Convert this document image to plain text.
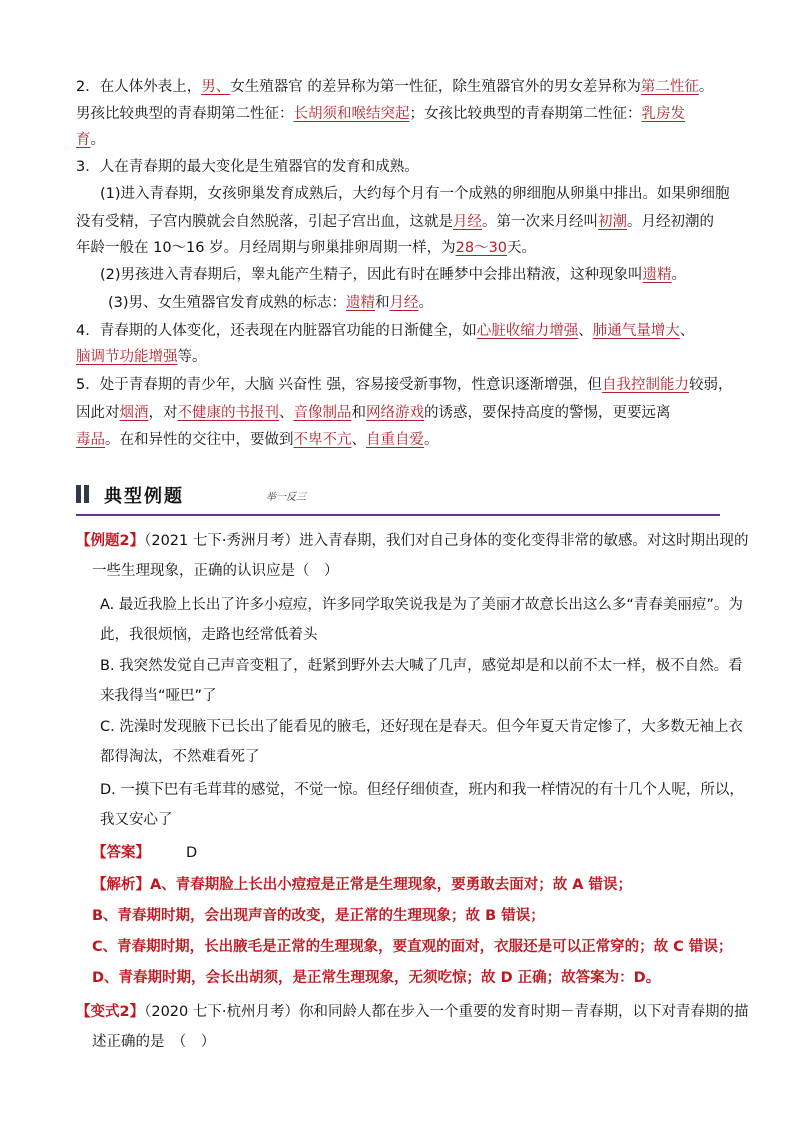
2．在人体外表上，男、女生殖器官 的差异称为第一性征，除生殖器官外的男女差异称为第二性征。
男孩比较典型的青春期第二性征：长胡须和喉结突起；女孩比较典型的青春期第二性征：乳房发
育。
3．人在青春期的最大变化是生殖器官的发育和成熟。
(1)进入青春期，女孩卵巢发育成熟后，大约每个月有一个成熟的卵细胞从卵巢中排出。如果卵细胞
没有受精，子宫内膜就会自然脱落，引起子宫出血，这就是月经。第一次来月经叫初潮。月经初潮的
年龄一般在 10～16 岁。月经周期与卵巢排卵周期一样，为28～30天。
(2)男孩进入青春期后，睾丸能产生精子，因此有时在睡梦中会排出精液，这种现象叫遗精。
(3)男、女生殖器官发育成熟的标志：遗精和月经。
4．青春期的人体变化，还表现在内脏器官功能的日渐健全，如心脏收缩力增强、肺通气量增大、
脑调节功能增强等。
5．处于青春期的青少年，大脑 兴奋性 强，容易接受新事物，性意识逐渐增强，但自我控制能力较弱，
因此对烟酒，对不健康的书报刊、音像制品和网络游戏的诱惑，要保持高度的警惕，更要远离
毒品。在和异性的交往中，要做到不卑不亢、自重自爱。
典型例题	举一反三
【例题2】（2021 七下·秀洲月考）进入青春期，我们对自己身体的变化变得非常的敏感。对这时期出现的
一些生理现象，正确的认识应是（　）
A. 最近我脸上长出了许多小痘痘，许多同学取笑说我是为了美丽才故意长出这么多“青春美丽痘”。为
此，我很烦恼，走路也经常低着头
B. 我突然发觉自己声音变粗了，赶紧到野外去大喊了几声，感觉却是和以前不太一样，极不自然。看
来我得当“哑巴”了
C. 洗澡时发现腋下已长出了能看见的腋毛，还好现在是春天。但今年夏天肯定惨了，大多数无袖上衣
都得淘汰，不然难看死了
D. 一摸下巴有毛茸茸的感觉，不觉一惊。但经仔细侦查，班内和我一样情况的有十几个人呢，所以，
我又安心了
【答案】 D
【解析】A、青春期脸上长出小痘痘是正常是生理现象，要勇敢去面对；故 A 错误；
B、青春期时期，会出现声音的改变，是正常的生理现象；故 B 错误；
C、青春期时期，长出腋毛是正常的生理现象，要直观的面对，衣服还是可以正常穿的；故 C 错误；
D、青春期时期，会长出胡须，是正常生理现象，无须吃惊；故 D 正确；故答案为：D。
【变式2】（2020 七下·杭州月考）你和同龄人都在步入一个重要的发育时期－青春期，以下对青春期的描
述正确的是　（　）
